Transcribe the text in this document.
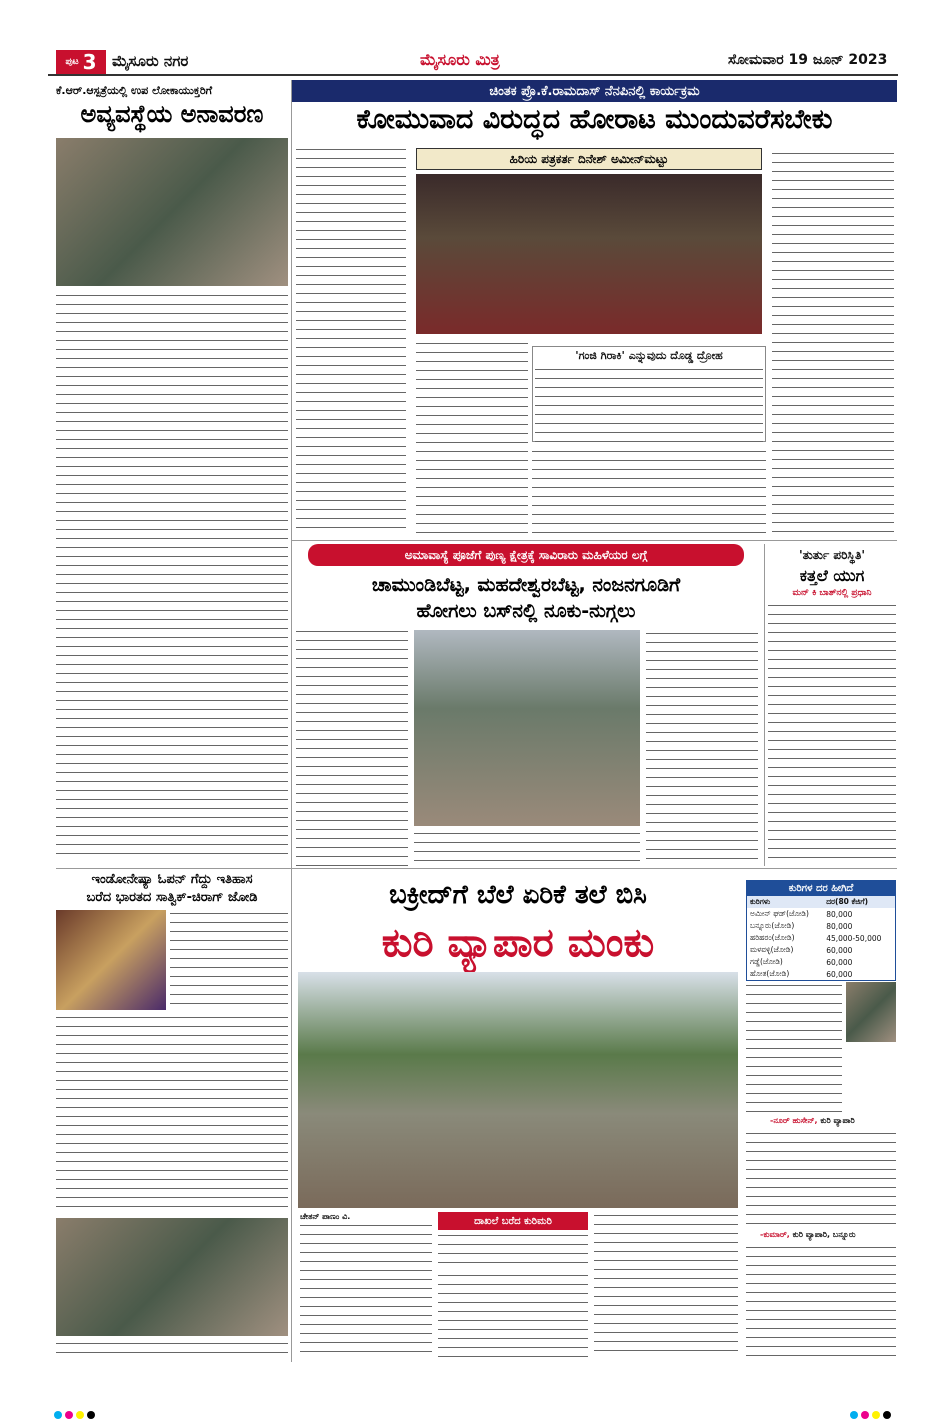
ಪುಟ 3 ಮೈಸೂರು ನಗರ	ಮೈಸೂರು ಮಿತ್ರ	ಸೋಮವಾರ 19 ಜೂನ್ 2023
ಕೆ.ಆರ್.ಆಸ್ಪತ್ರೆಯಲ್ಲಿ ಉಪ ಲೋಕಾಯುಕ್ತರಿಗೆ
ಅವ್ಯವಸ್ಥೆಯ ಅನಾವರಣ
ಚಿಂತಕ ಪ್ರೊ.ಕೆ.ರಾಮದಾಸ್ ನೆನಪಿನಲ್ಲಿ ಕಾರ್ಯಕ್ರಮ
ಕೋಮುವಾದ ವಿರುದ್ಧದ ಹೋರಾಟ ಮುಂದುವರೆಸಬೇಕು
ಹಿರಿಯ ಪತ್ರಕರ್ತ ದಿನೇಶ್ ಅಮೀನ್‌ಮಟ್ಟು
'ಗಂಜಿ ಗಿರಾಕಿ' ಎನ್ನುವುದು ದೊಡ್ಡ ದ್ರೋಹ
ಅಮಾವಾಸ್ಯೆ ಪೂಜೆಗೆ ಪುಣ್ಯ ಕ್ಷೇತ್ರಕ್ಕೆ ಸಾವಿರಾರು ಮಹಿಳೆಯರ ಲಗ್ಗೆ
ಚಾಮುಂಡಿಬೆಟ್ಟ, ಮಹದೇಶ್ವರಬೆಟ್ಟ, ನಂಜನಗೂಡಿಗೆ
ಹೋಗಲು ಬಸ್‌ನಲ್ಲಿ ನೂಕು-ನುಗ್ಗಲು
'ತುರ್ತು ಪರಿಸ್ಥಿತಿ'
ಕತ್ತಲೆ ಯುಗ
ಮನ್ ಕಿ ಬಾತ್‌ನಲ್ಲಿ ಪ್ರಧಾನಿ
ಇಂಡೋನೇಷ್ಯಾ ಓಪನ್ ಗೆದ್ದು ಇತಿಹಾಸ
ಬರೆದ ಭಾರತದ ಸಾತ್ವಿಕ್-ಚಿರಾಗ್ ಜೋಡಿ	ಬಕ್ರೀದ್‌ಗೆ ಬೆಲೆ ಏರಿಕೆ ತಲೆ ಬಿಸಿ
ಕುರಿ ವ್ಯಾಪಾರ ಮಂಕು
ಚೇತನ್ ಪಾಣಂ ವಿ.	ದಾಖಲೆ ಬರೆದ ಕುರಿಮರಿ
ಕುರಿಗಳ ದರ ಹೀಗಿದೆ
ಕುರಿಗಳು	ದರ(80 ಕೆಜಿಗೆ)
ಅಮೀನ್ ಘಡ್(ಜೋಡಿ)	80,000
ಬನ್ನೂರು(ಜೋಡಿ)	80,000
ಹರಿಹರಂ(ಜೋಡಿ)	45,000-50,000
ಮಳವಳ್ಳಿ(ಜೋಡಿ)	60,000
ಗಡ್ಡೆ(ಜೋಡಿ)	60,000
ಹೋತ(ಜೋಡಿ)	60,000
-ನೂರ್ ಹುಸೇನ್, ಕುರಿ ವ್ಯಾಪಾರಿ
-ಕುಮಾರ್, ಕುರಿ ವ್ಯಾಪಾರಿ, ಬನ್ನೂರು
